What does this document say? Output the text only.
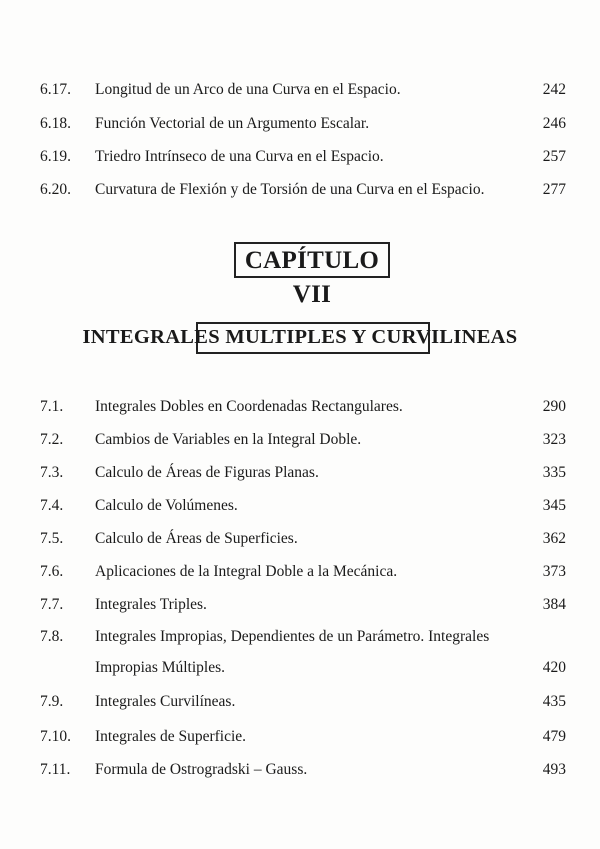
6.17. Longitud de un Arco de una Curva en el Espacio.	242
6.18. Función Vectorial de un Argumento Escalar.	246
6.19. Triedro Intrínseco de una Curva en el Espacio.	257
6.20. Curvatura de Flexión y de Torsión de una Curva en el Espacio.	277
CAPÍTULO VII
INTEGRALES MULTIPLES Y CURVILINEAS
7.1. Integrales Dobles en Coordenadas Rectangulares.	290
7.2. Cambios de Variables en la Integral Doble.	323
7.3. Calculo de Áreas de Figuras Planas.	335
7.4. Calculo de Volúmenes.	345
7.5. Calculo de Áreas de Superficies.	362
7.6. Aplicaciones de la Integral Doble a la Mecánica.	373
7.7. Integrales Triples.	384
7.8. Integrales Impropias, Dependientes de un Parámetro. Integrales
Impropias Múltiples.	420
7.9. Integrales Curvilíneas.	435
7.10. Integrales de Superficie.	479
7.11. Formula de Ostrogradski – Gauss.	493
